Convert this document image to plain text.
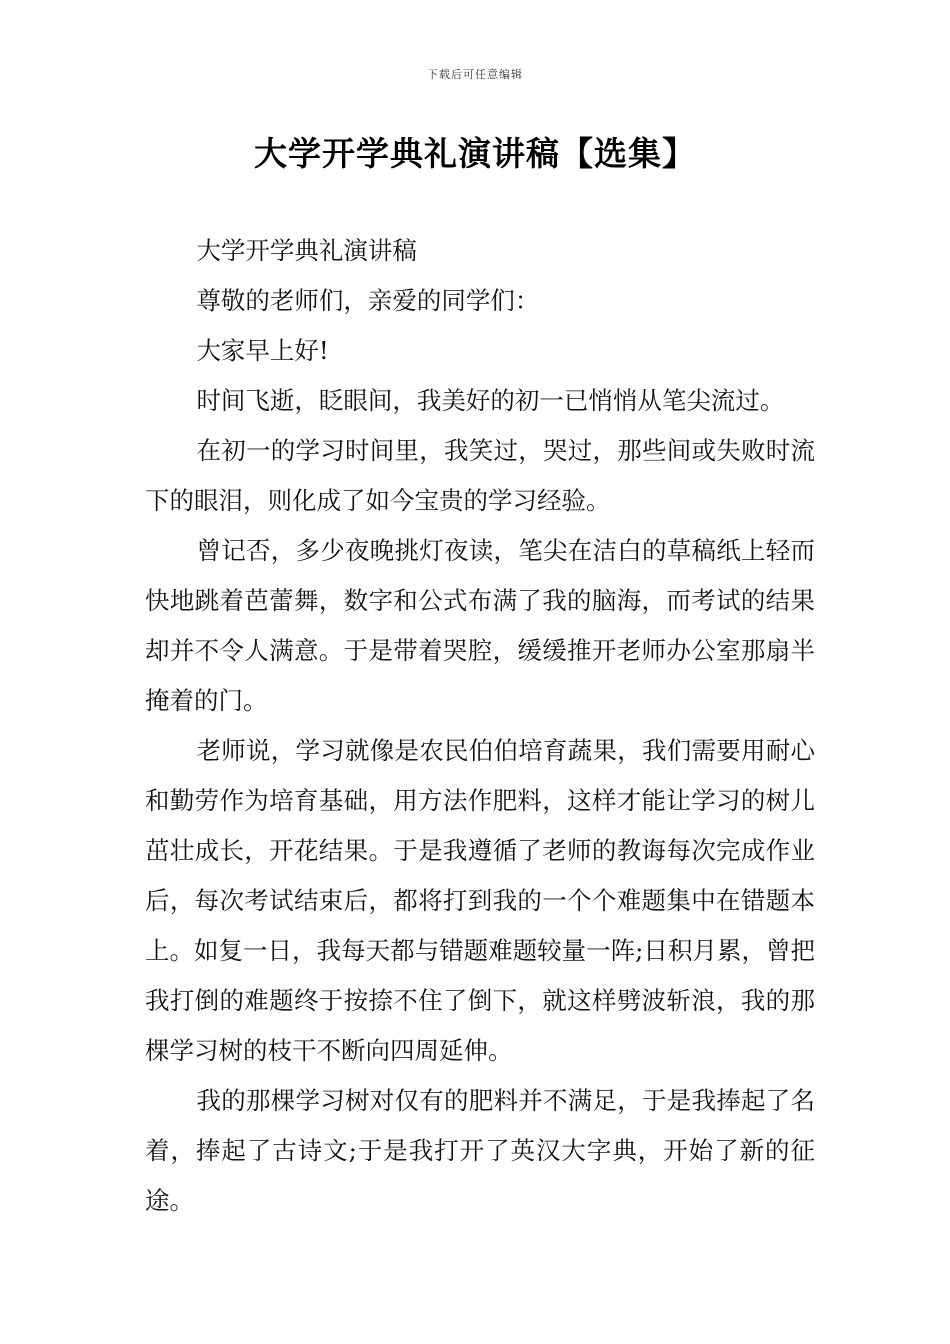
下载后可任意编辑
大学开学典礼演讲稿【选集】

大学开学典礼演讲稿

尊敬的老师们，亲爱的同学们：

大家早上好!

时间飞逝，眨眼间，我美好的初一已悄悄从笔尖流过。

在初一的学习时间里，我笑过，哭过，那些间或失败时流下的眼泪，则化成了如今宝贵的学习经验。

曾记否，多少夜晚挑灯夜读，笔尖在洁白的草稿纸上轻而快地跳着芭蕾舞，数字和公式布满了我的脑海，而考试的结果却并不令人满意。于是带着哭腔，缓缓推开老师办公室那扇半掩着的门。

老师说，学习就像是农民伯伯培育蔬果，我们需要用耐心和勤劳作为培育基础，用方法作肥料，这样才能让学习的树儿茁壮成长，开花结果。于是我遵循了老师的教诲每次完成作业后，每次考试结束后，都将打到我的一个个难题集中在错题本上。如复一日，我每天都与错题难题较量一阵;日积月累，曾把我打倒的难题终于按捺不住了倒下，就这样劈波斩浪，我的那棵学习树的枝干不断向四周延伸。

我的那棵学习树对仅有的肥料并不满足，于是我捧起了名着，捧起了古诗文;于是我打开了英汉大字典，开始了新的征途。
